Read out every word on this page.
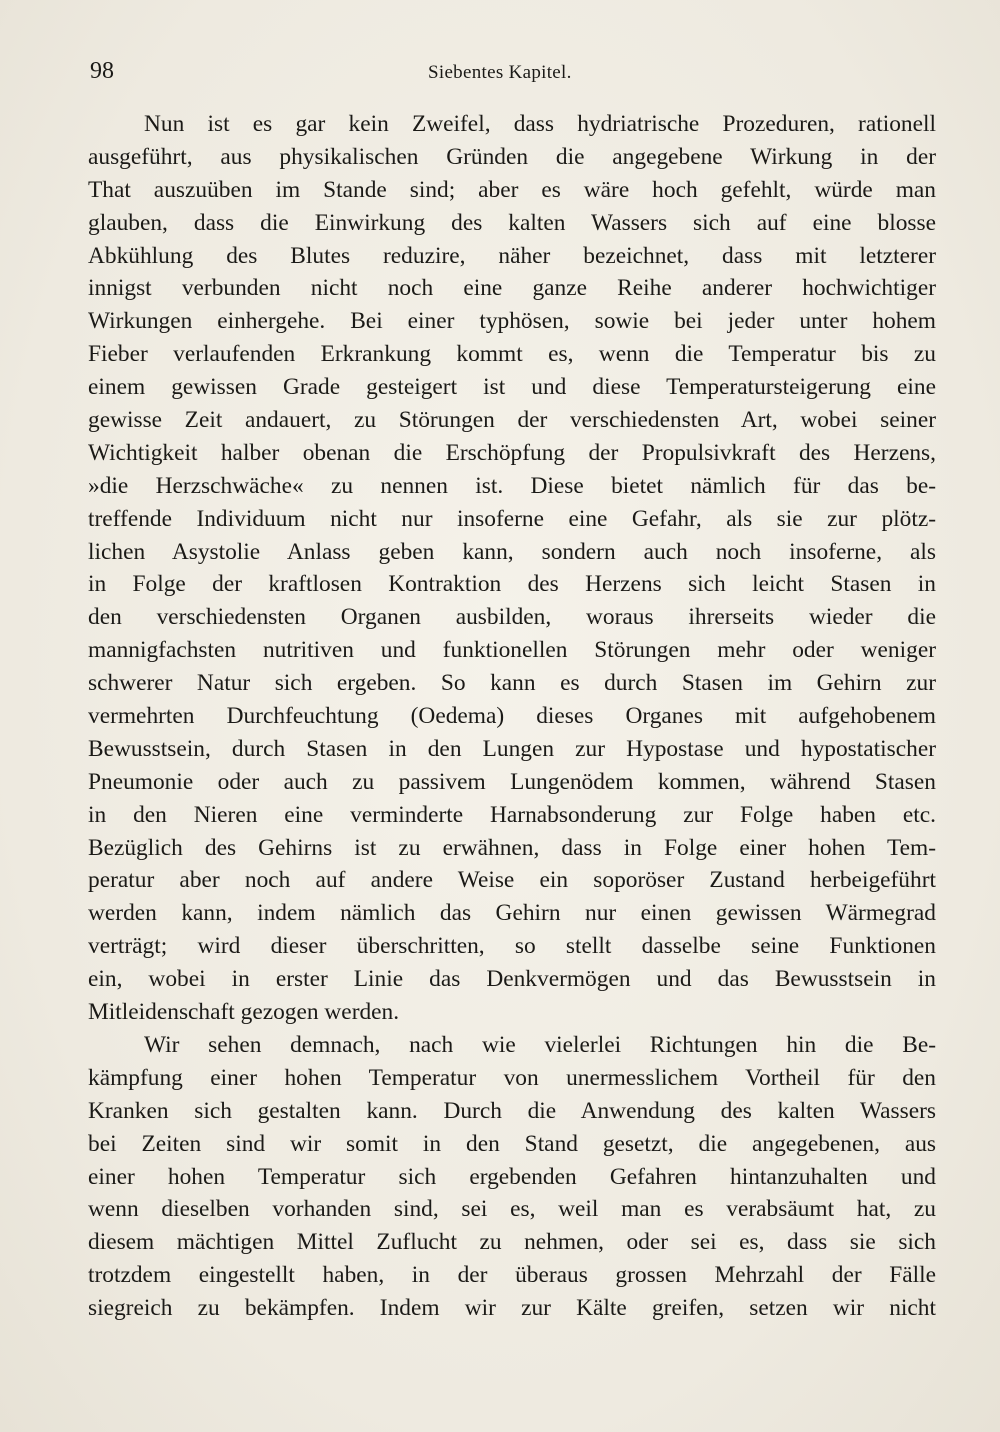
98	Siebentes Kapitel.
Nun ist es gar kein Zweifel, dass hydriatrische Prozeduren, rationell
ausgeführt, aus physikalischen Gründen die angegebene Wirkung in der
That auszuüben im Stande sind; aber es wäre hoch gefehlt, würde man
glauben, dass die Einwirkung des kalten Wassers sich auf eine blosse
Abkühlung des Blutes reduzire, näher bezeichnet, dass mit letzterer
innigst verbunden nicht noch eine ganze Reihe anderer hochwichtiger
Wirkungen einhergehe. Bei einer typhösen, sowie bei jeder unter hohem
Fieber verlaufenden Erkrankung kommt es, wenn die Temperatur bis zu
einem gewissen Grade gesteigert ist und diese Temperatursteigerung eine
gewisse Zeit andauert, zu Störungen der verschiedensten Art, wobei seiner
Wichtigkeit halber obenan die Erschöpfung der Propulsivkraft des Herzens,
»die Herzschwäche« zu nennen ist. Diese bietet nämlich für das be-
treffende Individuum nicht nur insoferne eine Gefahr, als sie zur plötz-
lichen Asystolie Anlass geben kann, sondern auch noch insoferne, als
in Folge der kraftlosen Kontraktion des Herzens sich leicht Stasen in
den verschiedensten Organen ausbilden, woraus ihrerseits wieder die
mannigfachsten nutritiven und funktionellen Störungen mehr oder weniger
schwerer Natur sich ergeben. So kann es durch Stasen im Gehirn zur
vermehrten Durchfeuchtung (Oedema) dieses Organes mit aufgehobenem
Bewusstsein, durch Stasen in den Lungen zur Hypostase und hypostatischer
Pneumonie oder auch zu passivem Lungenödem kommen, während Stasen
in den Nieren eine verminderte Harnabsonderung zur Folge haben etc.
Bezüglich des Gehirns ist zu erwähnen, dass in Folge einer hohen Tem-
peratur aber noch auf andere Weise ein soporöser Zustand herbeigeführt
werden kann, indem nämlich das Gehirn nur einen gewissen Wärmegrad
verträgt; wird dieser überschritten, so stellt dasselbe seine Funktionen
ein, wobei in erster Linie das Denkvermögen und das Bewusstsein in
Mitleidenschaft gezogen werden.
Wir sehen demnach, nach wie vielerlei Richtungen hin die Be-
kämpfung einer hohen Temperatur von unermesslichem Vortheil für den
Kranken sich gestalten kann. Durch die Anwendung des kalten Wassers
bei Zeiten sind wir somit in den Stand gesetzt, die angegebenen, aus
einer hohen Temperatur sich ergebenden Gefahren hintanzuhalten und
wenn dieselben vorhanden sind, sei es, weil man es verabsäumt hat, zu
diesem mächtigen Mittel Zuflucht zu nehmen, oder sei es, dass sie sich
trotzdem eingestellt haben, in der überaus grossen Mehrzahl der Fälle
siegreich zu bekämpfen. Indem wir zur Kälte greifen, setzen wir nicht
